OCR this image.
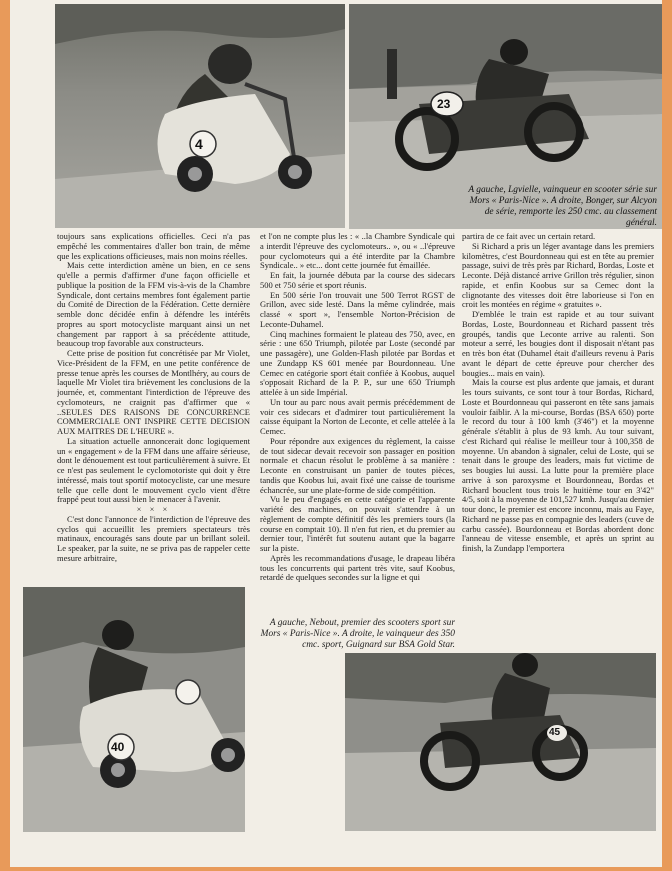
4
23
A gauche, Lgvielle, vainqueur en scooter série sur Mors « Paris-Nice ». A droite, Bonger, sur Alcyon de série, remporte les 250 cmc. au classement général.

toujours sans explications officielles. Ceci n'a pas empêché les commentaires d'aller bon train, de même que les explications officieuses, mais non moins réelles.

Mais cette interdiction amène un bien, en ce sens qu'elle a permis d'affirmer d'une façon officielle et publique la position de la FFM vis-à-vis de la Chambre Syndicale, dont certains membres font également partie du Comité de Direction de la Fédération. Cette dernière semble donc décidée enfin à défendre les intérêts propres au sport motocycliste marquant ainsi un net changement par rapport à sa précédente attitude, beaucoup trop favorable aux constructeurs.

Cette prise de position fut concrétisée par Mr Violet, Vice-Président de la FFM, en une petite conférence de presse tenue après les courses de Montlhéry, au cours de laquelle Mr Violet tira brièvement les conclusions de la journée, et, commentant l'interdiction de l'épreuve des cyclomoteurs, ne craignit pas d'affirmer que « ..SEULES DES RAISONS DE CONCURRENCE COMMERCIALE ONT INSPIRE CETTE DECISION AUX MAITRES DE L'HEURE ».

La situation actuelle annoncerait donc logiquement un « engagement » de la FFM dans une affaire sérieuse, dont le dénouement est tout particulièrement à suivre. Et ce n'est pas seulement le cyclomotoriste qui doit y être intéressé, mais tout sportif motocycliste, car une mesure telle que celle dont le mouvement cyclo vient d'être frappé peut tout aussi bien le menacer à l'avenir.

× × ×

C'est donc l'annonce de l'interdiction de l'épreuve des cyclos qui accueillit les premiers spectateurs très matinaux, encouragés sans doute par un brillant soleil. Le speaker, par la suite, ne se priva pas de rappeler cette mesure arbitraire,

et l'on ne compte plus les : « ..la Chambre Syndicale qui a interdit l'épreuve des cyclomoteurs.. », ou « ..l'épreuve pour cyclomoteurs qui a été interdite par la Chambre Syndicale.. » etc... dont cette journée fut émaillée.

En fait, la journée débuta par la course des sidecars 500 et 750 série et sport réunis.

En 500 série l'on trouvait une 500 Terrot RGST de Grillon, avec side lesté. Dans la même cylindrée, mais classé « sport », l'ensemble Norton-Précision de Leconte-Duhamel.

Cinq machines formaient le plateau des 750, avec, en série : une 650 Triumph, pilotée par Loste (secondé par une passagère), une Golden-Flash pilotée par Bordas et une Zundapp KS 601 menée par Bourdonneau. Une Cemec en catégorie sport était confiée à Koobus, auquel s'opposait Richard de la P. P., sur une 650 Triumph attelée à un side Impérial.

Un tour au parc nous avait permis précédemment de voir ces sidecars et d'admirer tout particulièrement la caisse équipant la Norton de Leconte, et celle attelée à la Cemec.

Pour répondre aux exigences du règlement, la caisse de tout sidecar devait recevoir son passager en position normale et chacun résolut le problème à sa manière : Leconte en construisant un panier de toutes pièces, tandis que Koobus lui, avait fixé une caisse de tourisme échancrée, sur une plate-forme de side compétition.

Vu le peu d'engagés en cette catégorie et l'apparente variété des machines, on pouvait s'attendre à un règlement de compte définitif dès les premiers tours (la course en comptait 10). Il n'en fut rien, et du premier au dernier tour, l'intérêt fut soutenu autant que la bagarre sur la piste.

Après les recommandations d'usage, le drapeau libéra tous les concurrents qui partent très vite, sauf Koobus, retardé de quelques secondes sur la ligne et qui

partira de ce fait avec un certain retard.

Si Richard a pris un léger avantage dans les premiers kilomètres, c'est Bourdonneau qui est en tête au premier passage, suivi de très près par Richard, Bordas, Loste et Leconte. Déjà distancé arrive Grillon très régulier, sinon rapide, et enfin Koobus sur sa Cemec dont la clignotante des vitesses doit être laborieuse si l'on en croit les montées en régime « gratuites ».

D'emblée le train est rapide et au tour suivant Bordas, Loste, Bourdonneau et Richard passent très groupés, tandis que Leconte arrive au ralenti. Son moteur a serré, les bougies dont il disposait n'étant pas en très bon état (Duhamel était d'ailleurs revenu à Paris avant le départ de cette épreuve pour chercher des bougies... mais en vain).

Mais la course est plus ardente que jamais, et durant les tours suivants, ce sont tour à tour Bordas, Richard, Loste et Bourdonneau qui passeront en tête sans jamais vouloir faiblir. A la mi-course, Bordas (BSA 650) porte le record du tour à 100 kmh (3'46") et la moyenne générale s'établit à plus de 93 kmh. Au tour suivant, c'est Richard qui réalise le meilleur tour à 100,358 de moyenne. Un abandon à signaler, celui de Loste, qui se tenait dans le groupe des leaders, mais fut victime de ses bougies lui aussi. La lutte pour la première place arrive à son paroxysme et Bourdonneau, Bordas et Richard bouclent tous trois le huitième tour en 3'42" 4/5, soit à la moyenne de 101,527 kmh. Jusqu'au dernier tour donc, le premier est encore inconnu, mais au Faye, Richard ne passe pas en compagnie des leaders (cuve de carbu cassée). Bourdonneau et Bordas abordent donc l'anneau de vitesse ensemble, et après un sprint au finish, la Zundapp l'emportera

A gauche, Nebout, premier des scooters sport sur Mors « Paris-Nice ». A droite, le vainqueur des 350 cmc. sport, Guignard sur BSA Gold Star.
40
45
